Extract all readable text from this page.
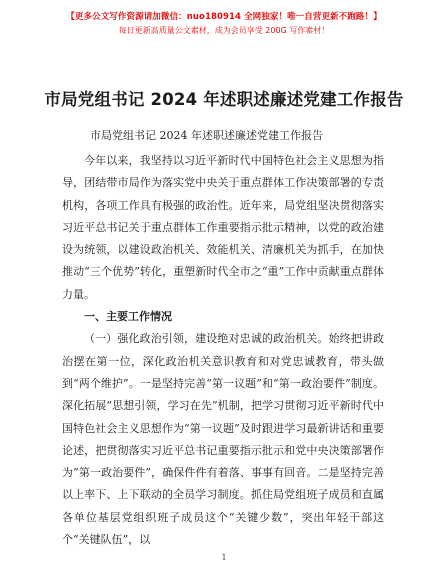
【更多公文写作资源请加微信：nuo180914 全网独家！唯一自营更新不跑路！】
每日更新高质量公文素材，成为会员享受 200G 写作素材！
市局党组书记 2024 年述职述廉述党建工作报告
市局党组书记 2024 年述职述廉述党建工作报告

今年以来，我坚持以习近平新时代中国特色社会主义思想为指导，团结带市局作为落实党中央关于重点群体工作决策部署的专责机构，各项工作具有极强的政治性。近年来，局党组坚决贯彻落实习近平总书记关于重点群体工作重要指示批示精神，以党的政治建设为统领，以建设政治机关、效能机关、清廉机关为抓手，在加快推动“三个优势”转化，重塑新时代全市之“重”工作中贡献重点群体力量。

一、主要工作情况

（一）强化政治引领，建设绝对忠诚的政治机关。始终把讲政治摆在第一位，深化政治机关意识教育和对党忠诚教育，带头做到“两个维护”。一是坚持完善“第一议题”和“第一政治要件”制度。深化拓展“思想引领，学习在先”机制，把学习贯彻习近平新时代中国特色社会主义思想作为“第一议题”及时跟进学习最新讲话和重要论述，把贯彻落实习近平总书记重要指示批示和党中央决策部署作为“第一政治要件”，确保件件有着落、事事有回音。二是坚持完善以上率下、上下联动的全员学习制度。抓住局党组班子成员和直属各单位基层党组织班子成员这个“关键少数”，突出年轻干部这个“关键队伍”，以

1
